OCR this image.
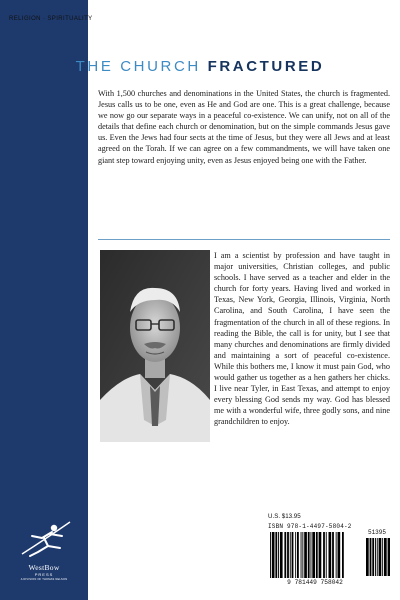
RELIGION · SPIRITUALITY
THE CHURCH FRACTURED

With 1,500 churches and denominations in the United States, the church is fragmented. Jesus calls us to be one, even as He and God are one. This is a great challenge, because we now go our separate ways in a peaceful co-existence. We can unify, not on all of the details that define each church or denomination, but on the simple commands Jesus gave us. Even the Jews had four sects at the time of Jesus, but they were all Jews and at least agreed on the Torah. If we can agree on a few commandments, we will have taken one giant step toward enjoying unity, even as Jesus enjoyed being one with the Father.

I am a scientist by profession and have taught in major universities, Christian colleges, and public schools. I have served as a teacher and elder in the church for forty years. Having lived and worked in Texas, New York, Georgia, Illinois, Virginia, North Carolina, and South Carolina, I have seen the fragmentation of the church in all of these regions. In reading the Bible, the call is for unity, but I see that many churches and denominations are firmly divided and maintaining a sort of peaceful co-existence. While this bothers me, I know it must pain God, who would gather us together as a hen gathers her chicks. I live near Tyler, in East Texas, and attempt to enjoy every blessing God sends my way. God has blessed me with a wonderful wife, three godly sons, and nine grandchildren to enjoy.
WestBow
PRESS
A DIVISION OF THOMAS NELSON
U.S. $13.95
ISBN 978-1-4497-5804-2
51395
9 781449 758042
